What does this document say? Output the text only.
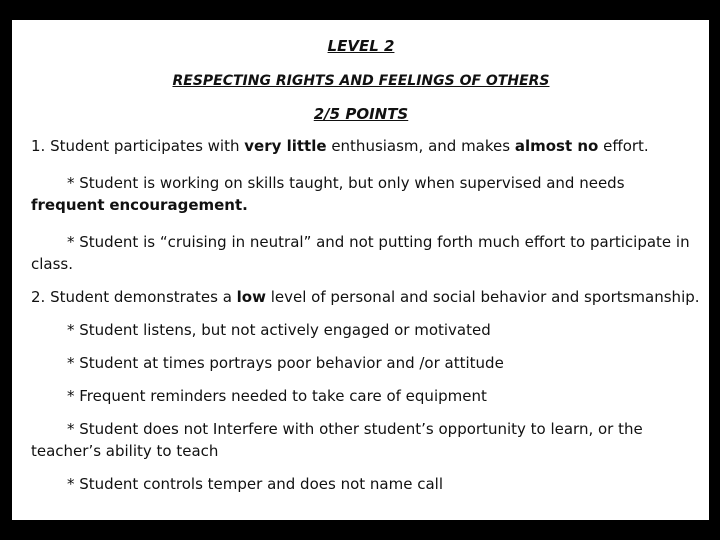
LEVEL 2

RESPECTING RIGHTS AND FEELINGS OF OTHERS

2/5 POINTS

1. Student participates with very little enthusiasm, and makes almost no effort.

* Student is working on skills taught, but only when supervised and needs frequent encouragement.

* Student is “cruising in neutral” and not putting forth much effort to participate in class.

2. Student demonstrates a low level of personal and social behavior and sportsmanship.

* Student listens, but not actively engaged or motivated

* Student at times portrays poor behavior and /or attitude

* Frequent reminders needed to take care of equipment

* Student does not Interfere with other student’s opportunity to learn, or the teacher’s ability to teach

* Student controls temper and does not name call
